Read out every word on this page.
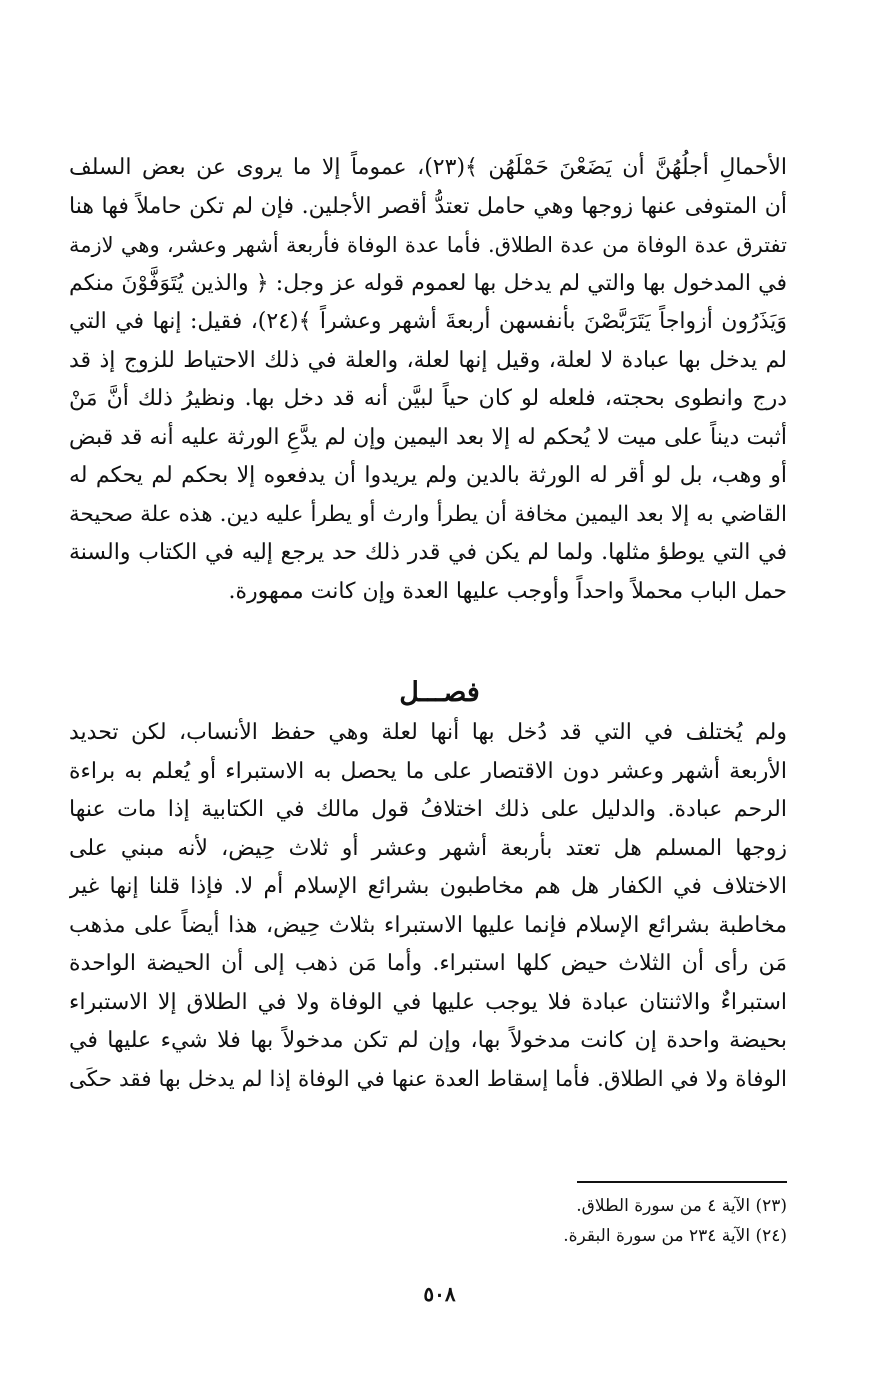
الأحمالِ أجلُهُنَّ أن يَضَعْنَ حَمْلَهُن ﴾(٢٣)، عموماً إلا ما يروى عن بعض السلف
أن المتوفى عنها زوجها وهي حامل تعتدُّ أقصر الأجلين. فإن لم تكن حاملاً فها هنا
تفترق عدة الوفاة من عدة الطلاق. فأما عدة الوفاة فأربعة أشهر وعشر، وهي لازمة
في المدخول بها والتي لم يدخل بها لعموم قوله عز وجل: ﴿ والذين يُتَوَفَّوْنَ منكم
وَيَذَرُون أزواجاً يَتَرَبَّصْنَ بأنفسهن أربعةَ أشهر وعشراً ﴾(٢٤)، فقيل: إنها في التي
لم يدخل بها عبادة لا لعلة، وقيل إنها لعلة، والعلة في ذلك الاحتياط للزوج إذ قد
درج وانطوى بحجته، فلعله لو كان حياً لبيَّن أنه قد دخل بها. ونظيرُ ذلك أنَّ مَنْ
أثبت ديناً على ميت لا يُحكم له إلا بعد اليمين وإن لم يدَّعِ الورثة عليه أنه قد قبض
أو وهب، بل لو أقر له الورثة بالدين ولم يريدوا أن يدفعوه إلا بحكم لم يحكم له
القاضي به إلا بعد اليمين مخافة أن يطرأ وارث أو يطرأ عليه دين. هذه علة صحيحة
في التي يوطؤ مثلها. ولما لم يكن في قدر ذلك حد يرجع إليه في الكتاب والسنة
حمل الباب محملاً واحداً وأوجب عليها العدة وإن كانت ممهورة.
فصـــل
ولم يُختلف في التي قد دُخل بها أنها لعلة وهي حفظ الأنساب، لكن تحديد
الأربعة أشهر وعشر دون الاقتصار على ما يحصل به الاستبراء أو يُعلم به براءة
الرحم عبادة. والدليل على ذلك اختلافُ قول مالك في الكتابية إذا مات عنها
زوجها المسلم هل تعتد بأربعة أشهر وعشر أو ثلاث حِيض، لأنه مبني على
الاختلاف في الكفار هل هم مخاطبون بشرائع الإسلام أم لا. فإذا قلنا إنها غير
مخاطبة بشرائع الإسلام فإنما عليها الاستبراء بثلاث حِيض، هذا أيضاً على مذهب
مَن رأى أن الثلاث حيض كلها استبراء. وأما مَن ذهب إلى أن الحيضة الواحدة
استبراءٌ والاثنتان عبادة فلا يوجب عليها في الوفاة ولا في الطلاق إلا الاستبراء
بحيضة واحدة إن كانت مدخولاً بها، وإن لم تكن مدخولاً بها فلا شيء عليها في
الوفاة ولا في الطلاق. فأما إسقاط العدة عنها في الوفاة إذا لم يدخل بها فقد حكَى
(٢٣) الآية ٤ من سورة الطلاق.
(٢٤) الآية ٢٣٤ من سورة البقرة.
٥٠٨
